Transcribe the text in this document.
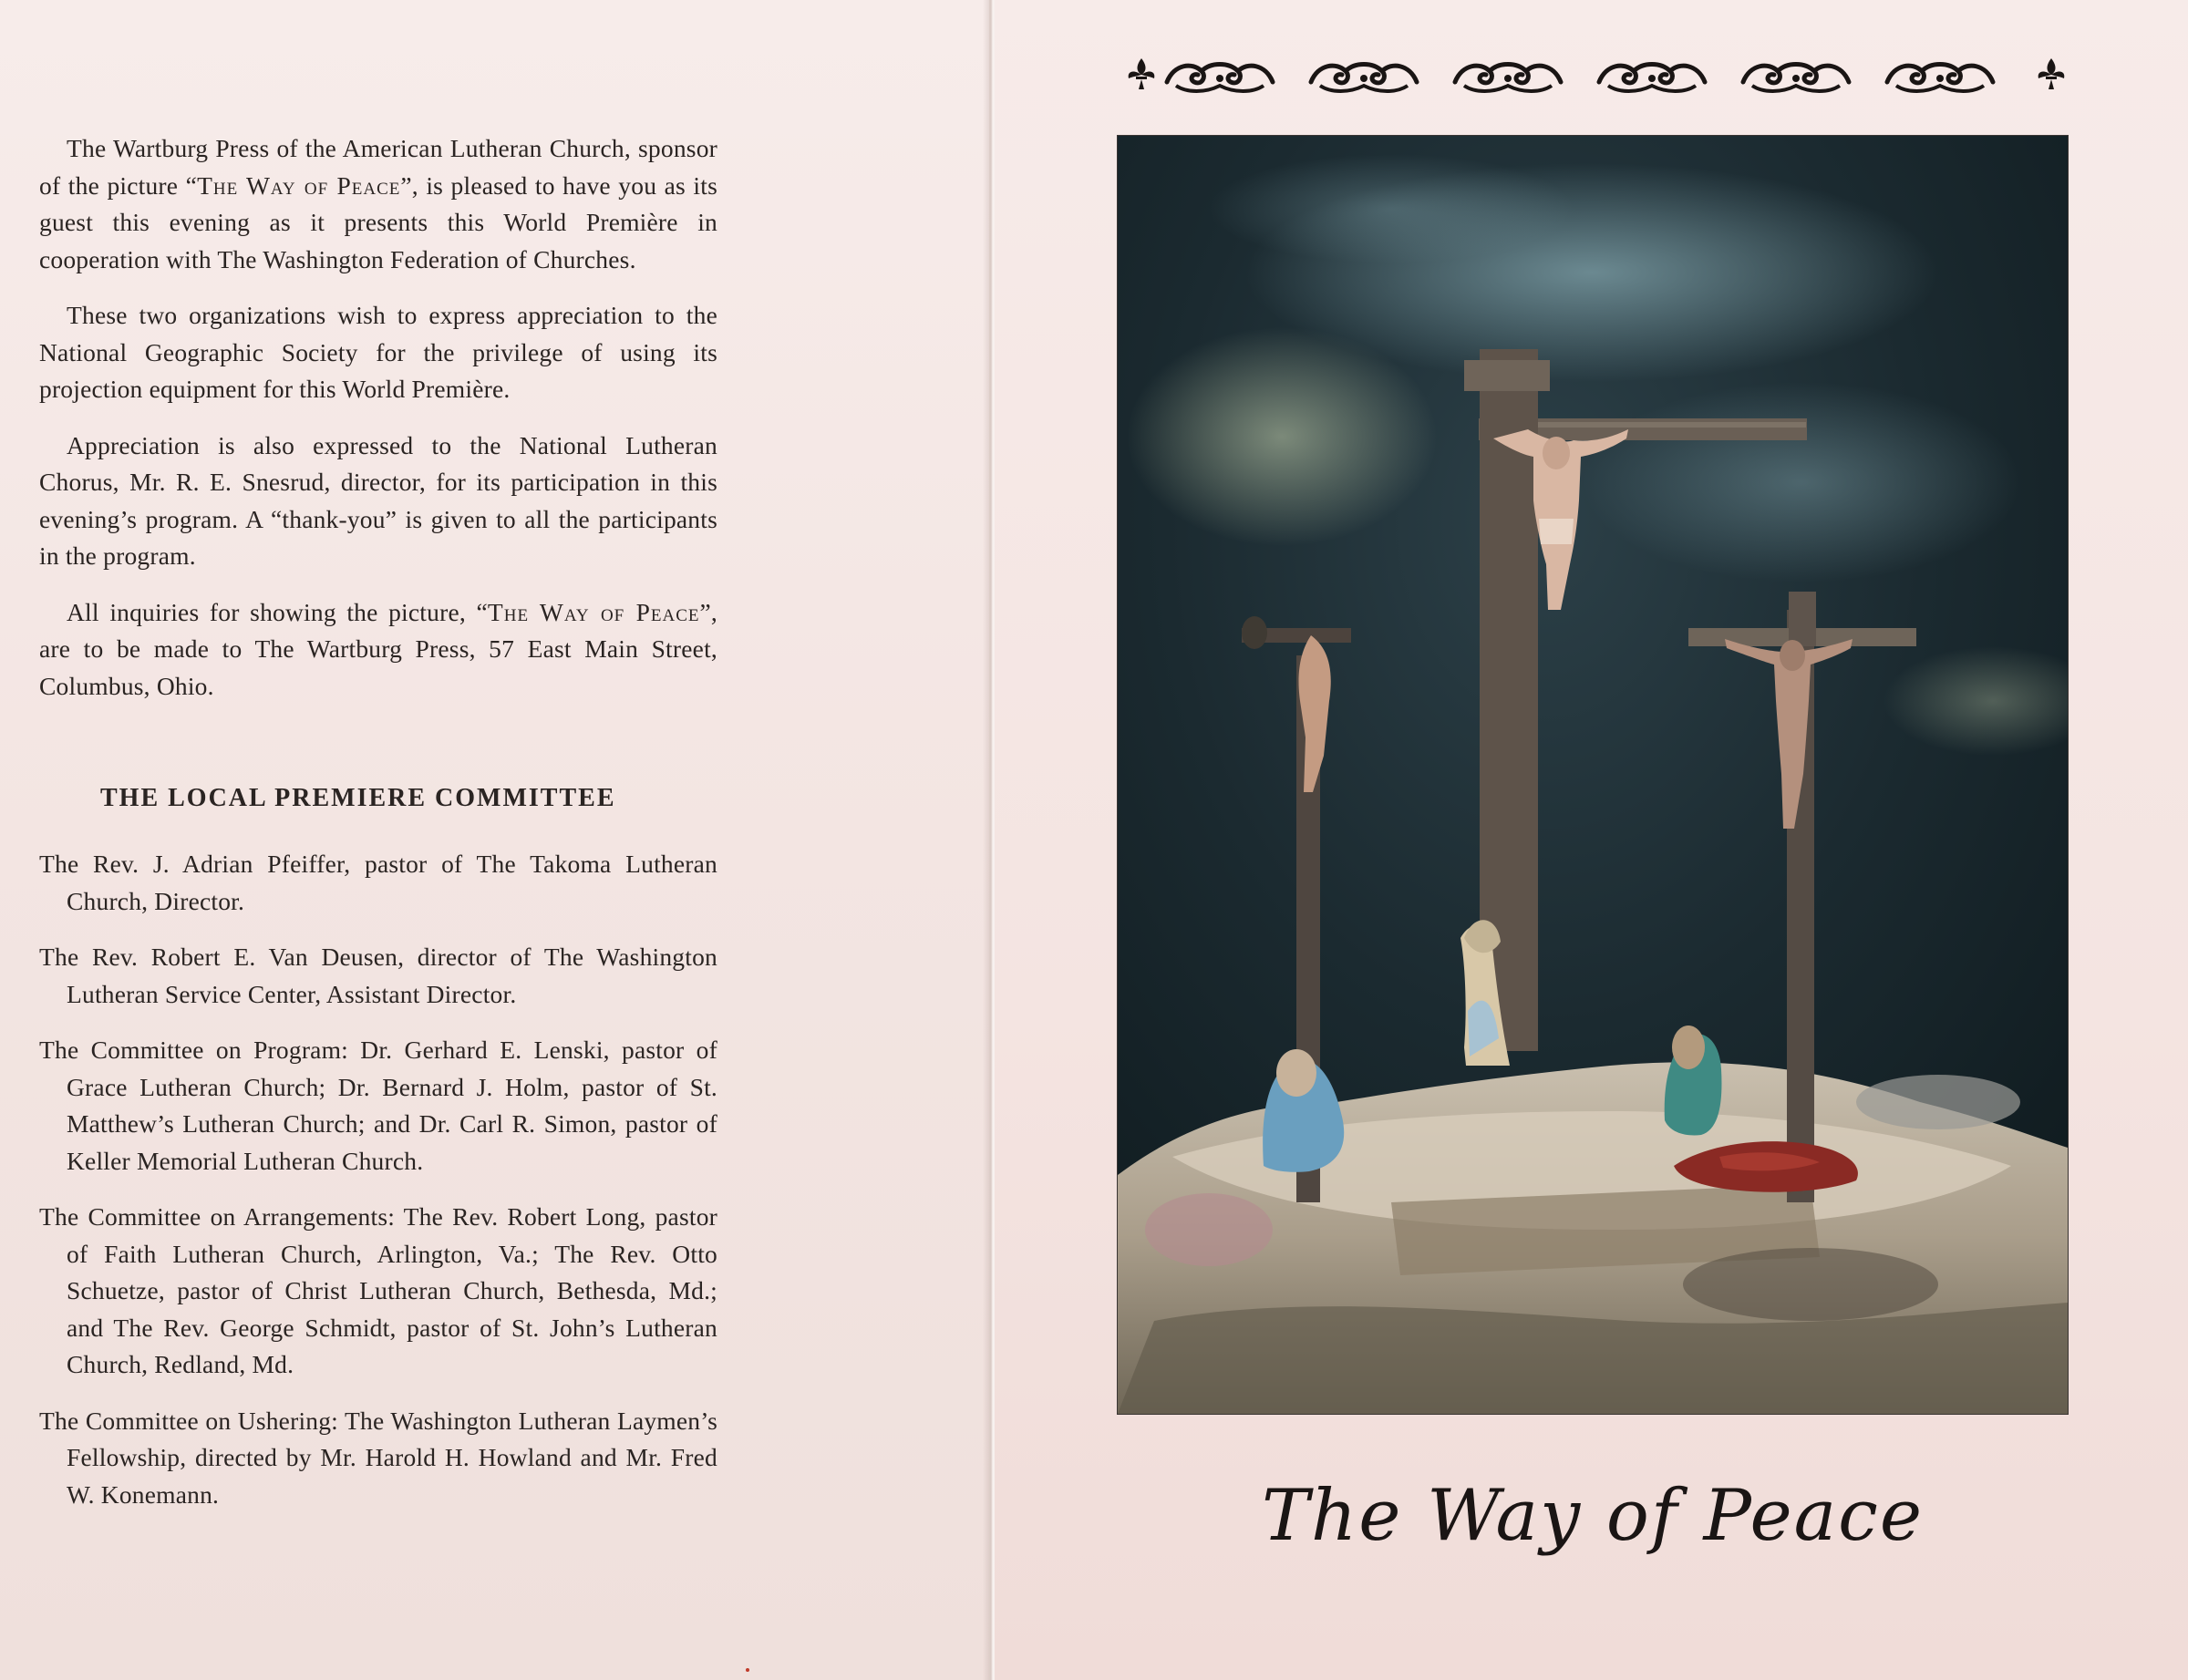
The Wartburg Press of the American Lutheran Church, sponsor of the picture “The Way of Peace”, is pleased to have you as its guest this evening as it presents this World Première in cooperation with The Washington Federation of Churches.

These two organizations wish to express appreciation to the National Geographic Society for the privilege of using its projection equipment for this World Première.

Appreciation is also expressed to the National Lutheran Chorus, Mr. R. E. Snesrud, director, for its participation in this evening’s program. A “thank-you” is given to all the participants in the program.

All inquiries for showing the picture, “The Way of Peace”, are to be made to The Wartburg Press, 57 East Main Street, Columbus, Ohio.

THE LOCAL PREMIERE COMMITTEE

The Rev. J. Adrian Pfeiffer, pastor of The Takoma Lutheran Church, Director.

The Rev. Robert E. Van Deusen, director of The Washington Lutheran Service Center, Assistant Director.

The Committee on Program: Dr. Gerhard E. Lenski, pastor of Grace Lutheran Church; Dr. Bernard J. Holm, pastor of St. Matthew’s Lutheran Church; and Dr. Carl R. Simon, pastor of Keller Memorial Lutheran Church.

The Committee on Arrangements: The Rev. Robert Long, pastor of Faith Lutheran Church, Arlington, Va.; The Rev. Otto Schuetze, pastor of Christ Lutheran Church, Bethesda, Md.; and The Rev. George Schmidt, pastor of St. John’s Lutheran Church, Redland, Md.

The Committee on Ushering: The Washington Lutheran Laymen’s Fellowship, directed by Mr. Harold H. Howland and Mr. Fred W. Konemann.	The Way of Peace
